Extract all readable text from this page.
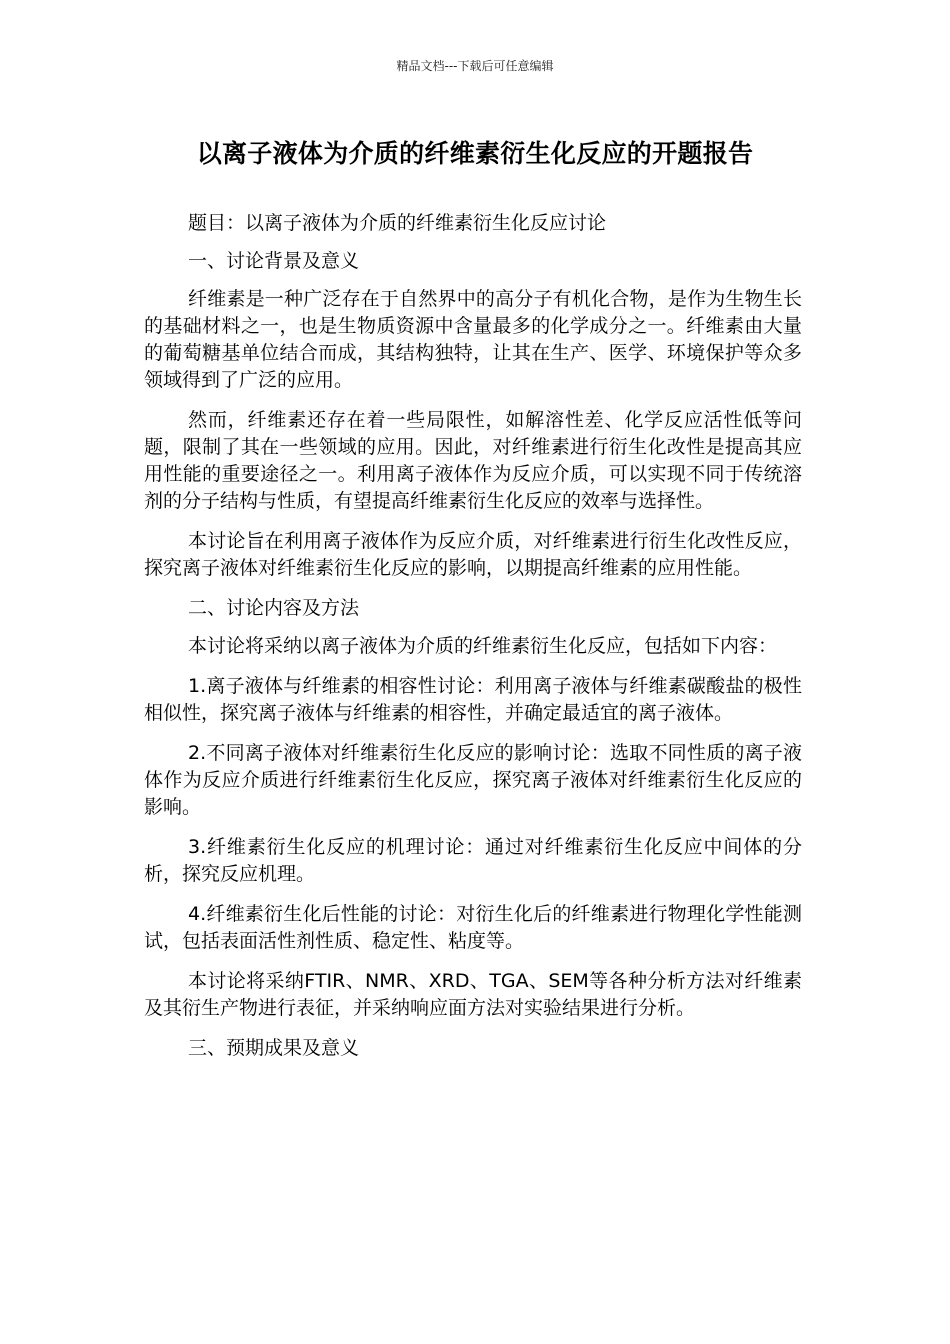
精品文档---下载后可任意编辑
以离子液体为介质的纤维素衍生化反应的开题报告

题目：以离子液体为介质的纤维素衍生化反应讨论

一、讨论背景及意义

纤维素是一种广泛存在于自然界中的高分子有机化合物，是作为生物生长的基础材料之一，也是生物质资源中含量最多的化学成分之一。纤维素由大量的葡萄糖基单位结合而成，其结构独特，让其在生产、医学、环境保护等众多领域得到了广泛的应用。

然而，纤维素还存在着一些局限性，如解溶性差、化学反应活性低等问题，限制了其在一些领域的应用。因此，对纤维素进行衍生化改性是提高其应用性能的重要途径之一。利用离子液体作为反应介质，可以实现不同于传统溶剂的分子结构与性质，有望提高纤维素衍生化反应的效率与选择性。

本讨论旨在利用离子液体作为反应介质，对纤维素进行衍生化改性反应，探究离子液体对纤维素衍生化反应的影响，以期提高纤维素的应用性能。

二、讨论内容及方法

本讨论将采纳以离子液体为介质的纤维素衍生化反应，包括如下内容：

1.离子液体与纤维素的相容性讨论：利用离子液体与纤维素碳酸盐的极性相似性，探究离子液体与纤维素的相容性，并确定最适宜的离子液体。

2.不同离子液体对纤维素衍生化反应的影响讨论：选取不同性质的离子液体作为反应介质进行纤维素衍生化反应，探究离子液体对纤维素衍生化反应的影响。

3.纤维素衍生化反应的机理讨论：通过对纤维素衍生化反应中间体的分析，探究反应机理。

4.纤维素衍生化后性能的讨论：对衍生化后的纤维素进行物理化学性能测试，包括表面活性剂性质、稳定性、粘度等。

本讨论将采纳FTIR、NMR、XRD、TGA、SEM等各种分析方法对纤维素及其衍生产物进行表征，并采纳响应面方法对实验结果进行分析。

三、预期成果及意义
